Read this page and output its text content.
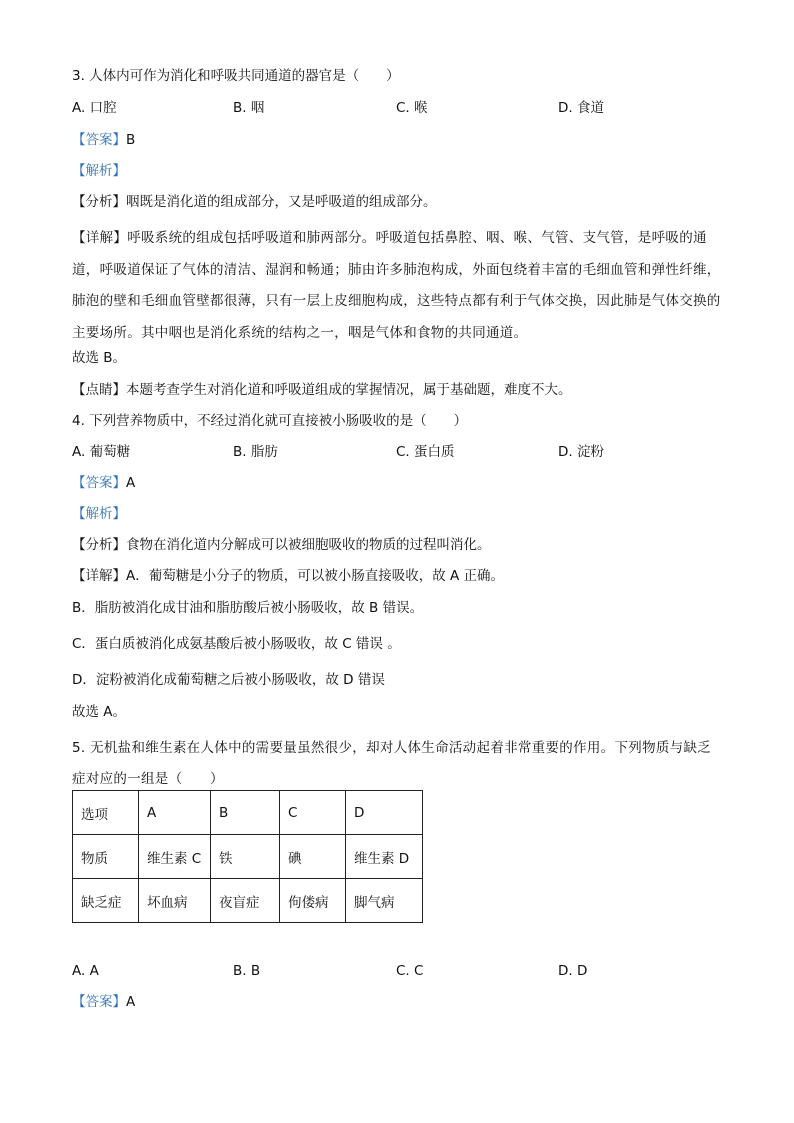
3. 人体内可作为消化和呼吸共同通道的器官是（　　）
A. 口腔	B. 咽	C. 喉	D. 食道
【答案】B
【解析】
【分析】咽既是消化道的组成部分，又是呼吸道的组成部分。
【详解】呼吸系统的组成包括呼吸道和肺两部分。呼吸道包括鼻腔、咽、喉、气管、支气管，是呼吸的通道，呼吸道保证了气体的清洁、湿润和畅通；肺由许多肺泡构成，外面包绕着丰富的毛细血管和弹性纤维，肺泡的壁和毛细血管壁都很薄，只有一层上皮细胞构成，这些特点都有利于气体交换，因此肺是气体交换的主要场所。其中咽也是消化系统的结构之一，咽是气体和食物的共同通道。
故选 B。
【点睛】本题考查学生对消化道和呼吸道组成的掌握情况，属于基础题，难度不大。
4. 下列营养物质中，不经过消化就可直接被小肠吸收的是（　　）
A. 葡萄糖	B. 脂肪	C. 蛋白质	D. 淀粉
【答案】A
【解析】
【分析】食物在消化道内分解成可以被细胞吸收的物质的过程叫消化。
【详解】A．葡萄糖是小分子的物质，可以被小肠直接吸收，故 A 正确。
B．脂肪被消化成甘油和脂肪酸后被小肠吸收，故 B 错误。
C．蛋白质被消化成氨基酸后被小肠吸收，故 C 错误 。
D．淀粉被消化成葡萄糖之后被小肠吸收，故 D 错误
故选 A。
5. 无机盐和维生素在人体中的需要量虽然很少，却对人体生命活动起着非常重要的作用。下列物质与缺乏症对应的一组是（　　）
选项	A	B	C	D
物质	维生素 C	铁	碘	维生素 D
缺乏症	坏血病	夜盲症	佝偻病	脚气病
A. A	B. B	C. C	D. D
【答案】A
